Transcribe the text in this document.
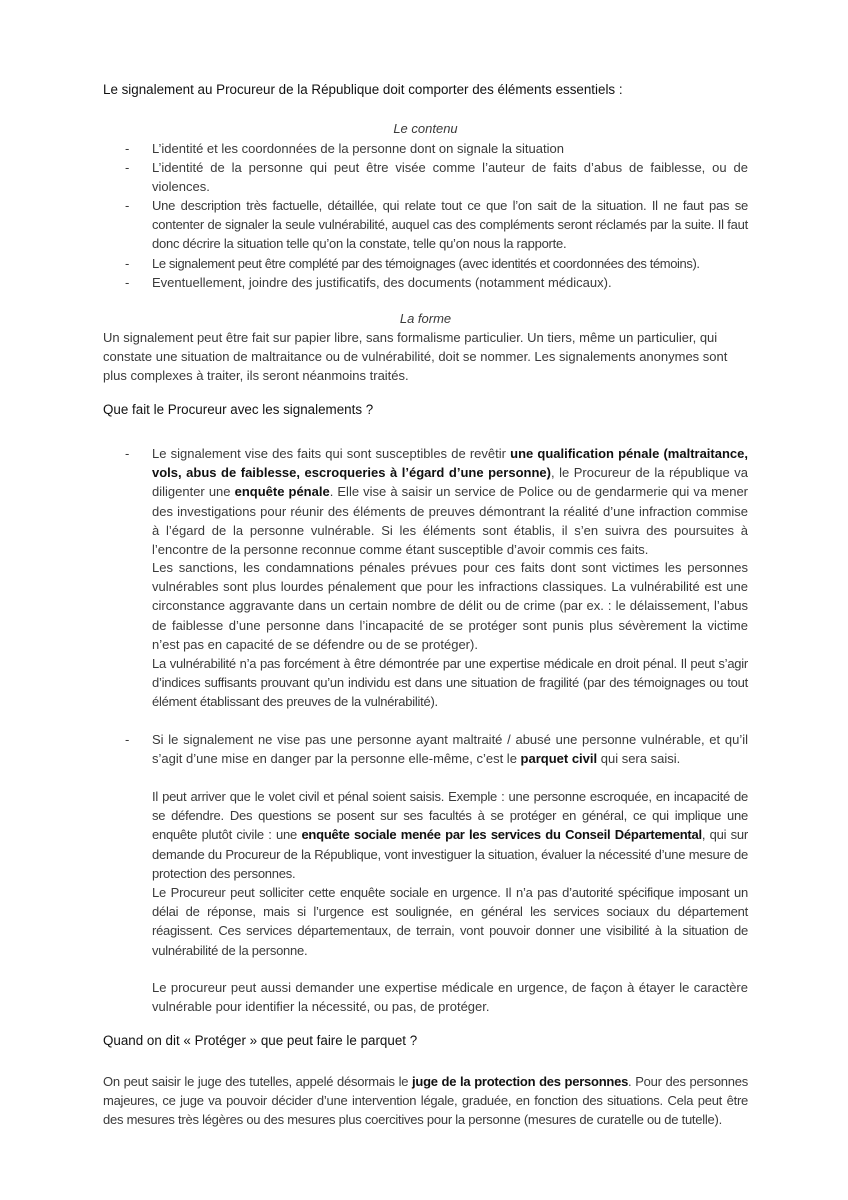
Le signalement au Procureur de la République doit comporter des éléments essentiels :
Le contenu
- L’identité et les coordonnées de la personne dont on signale la situation
- L’identité de la personne qui peut être visée comme l’auteur de faits d’abus de faiblesse, ou de violences.
- Une description très factuelle, détaillée, qui relate tout ce que l’on sait de la situation. Il ne faut pas se contenter de signaler la seule vulnérabilité, auquel cas des compléments seront réclamés par la suite. Il faut donc décrire la situation telle qu’on la constate, telle qu’on nous la rapporte.
- Le signalement peut être complété par des témoignages (avec identités et coordonnées des témoins).
- Eventuellement, joindre des justificatifs, des documents (notamment médicaux).
La forme
Un signalement peut être fait sur papier libre, sans formalisme particulier. Un tiers, même un particulier, qui constate une situation de maltraitance ou de vulnérabilité, doit se nommer. Les signalements anonymes sont plus complexes à traiter, ils seront néanmoins traités.
Que fait le Procureur avec les signalements ?
- Le signalement vise des faits qui sont susceptibles de revêtir une qualification pénale (maltraitance, vols, abus de faiblesse, escroqueries à l’égard d’une personne), le Procureur de la république va diligenter une enquête pénale. Elle vise à saisir un service de Police ou de gendarmerie qui va mener des investigations pour réunir des éléments de preuves démontrant la réalité d’une infraction commise à l’égard de la personne vulnérable. Si les éléments sont établis, il s’en suivra des poursuites à l’encontre de la personne reconnue comme étant susceptible d’avoir commis ces faits.
Les sanctions, les condamnations pénales prévues pour ces faits dont sont victimes les personnes vulnérables sont plus lourdes pénalement que pour les infractions classiques. La vulnérabilité est une circonstance aggravante dans un certain nombre de délit ou de crime (par ex. : le délaissement, l’abus de faiblesse d’une personne dans l’incapacité de se protéger sont punis plus sévèrement la victime n’est pas en capacité de se défendre ou de se protéger).
La vulnérabilité n’a pas forcément à être démontrée par une expertise médicale en droit pénal. Il peut s’agir d’indices suffisants prouvant qu’un individu est dans une situation de fragilité (par des témoignages ou tout élément établissant des preuves de la vulnérabilité).
- Si le signalement ne vise pas une personne ayant maltraité / abusé une personne vulnérable, et qu’il s’agit d’une mise en danger par la personne elle-même, c’est le parquet civil qui sera saisi.
Il peut arriver que le volet civil et pénal soient saisis. Exemple : une personne escroquée, en incapacité de se défendre. Des questions se posent sur ses facultés à se protéger en général, ce qui implique une enquête plutôt civile : une enquête sociale menée par les services du Conseil Départemental, qui sur demande du Procureur de la République, vont investiguer la situation, évaluer la nécessité d’une mesure de protection des personnes.
Le Procureur peut solliciter cette enquête sociale en urgence. Il n’a pas d’autorité spécifique imposant un délai de réponse, mais si l’urgence est soulignée, en général les services sociaux du département réagissent. Ces services départementaux, de terrain, vont pouvoir donner une visibilité à la situation de vulnérabilité de la personne.
Le procureur peut aussi demander une expertise médicale en urgence, de façon à étayer le caractère vulnérable pour identifier la nécessité, ou pas, de protéger.
Quand on dit « Protéger » que peut faire le parquet ?
On peut saisir le juge des tutelles, appelé désormais le juge de la protection des personnes. Pour des personnes majeures, ce juge va pouvoir décider d’une intervention légale, graduée, en fonction des situations. Cela peut être des mesures très légères ou des mesures plus coercitives pour la personne (mesures de curatelle ou de tutelle).
